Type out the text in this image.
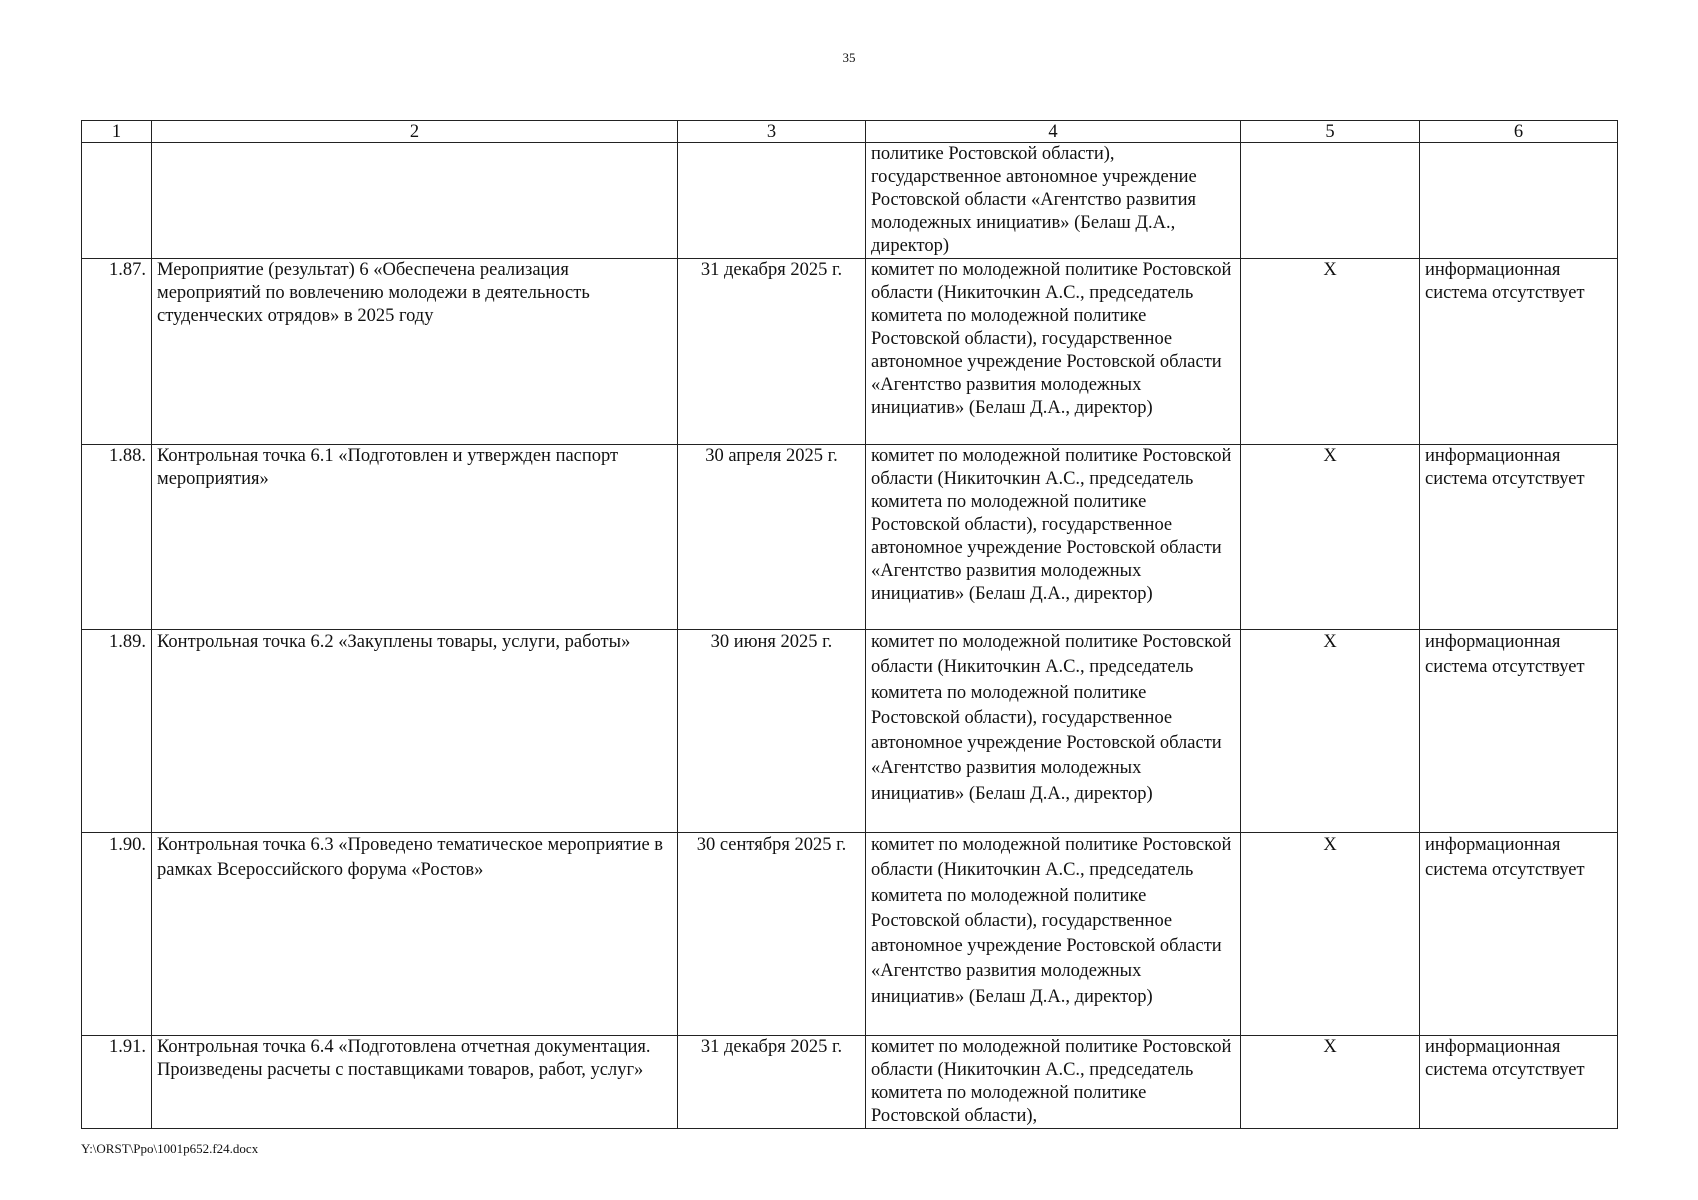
35
1	2	3	4	5	6
			политике Ростовской области), государственное автономное учреждение Ростовской области «Агентство развития молодежных инициатив» (Белаш Д.А., директор)		
1.87.	Мероприятие (результат) 6 «Обеспечена реализация мероприятий по вовлечению молодежи в деятельность студенческих отрядов» в 2025 году	31 декабря 2025 г.	комитет по молодежной политике Ростовской области (Никиточкин А.С., председатель комитета по молодежной политике Ростовской области), государственное автономное учреждение Ростовской области «Агентство развития молодежных инициатив» (Белаш Д.А., директор)	X	информационная система отсутствует
1.88.	Контрольная точка 6.1 «Подготовлен и утвержден паспорт мероприятия»	30 апреля 2025 г.	комитет по молодежной политике Ростовской области (Никиточкин А.С., председатель комитета по молодежной политике Ростовской области), государственное автономное учреждение Ростовской области «Агентство развития молодежных инициатив» (Белаш Д.А., директор)	X	информационная система отсутствует
1.89.	Контрольная точка 6.2 «Закуплены товары, услуги, работы»	30 июня 2025 г.	комитет по молодежной политике Ростовской области (Никиточкин А.С., председатель комитета по молодежной политике Ростовской области), государственное автономное учреждение Ростовской области «Агентство развития молодежных инициатив» (Белаш Д.А., директор)	X	информационная система отсутствует
1.90.	Контрольная точка 6.3 «Проведено тематическое мероприятие в рамках Всероссийского форума «Ростов»	30 сентября 2025 г.	комитет по молодежной политике Ростовской области (Никиточкин А.С., председатель комитета по молодежной политике Ростовской области), государственное автономное учреждение Ростовской области «Агентство развития молодежных инициатив» (Белаш Д.А., директор)	X	информационная система отсутствует
1.91.	Контрольная точка 6.4 «Подготовлена отчетная документация. Произведены расчеты с поставщиками товаров, работ, услуг»	31 декабря 2025 г.	комитет по молодежной политике Ростовской области (Никиточкин А.С., председатель комитета по молодежной политике Ростовской области),	X	информационная система отсутствует
Y:\ORST\Ppo\1001p652.f24.docx
